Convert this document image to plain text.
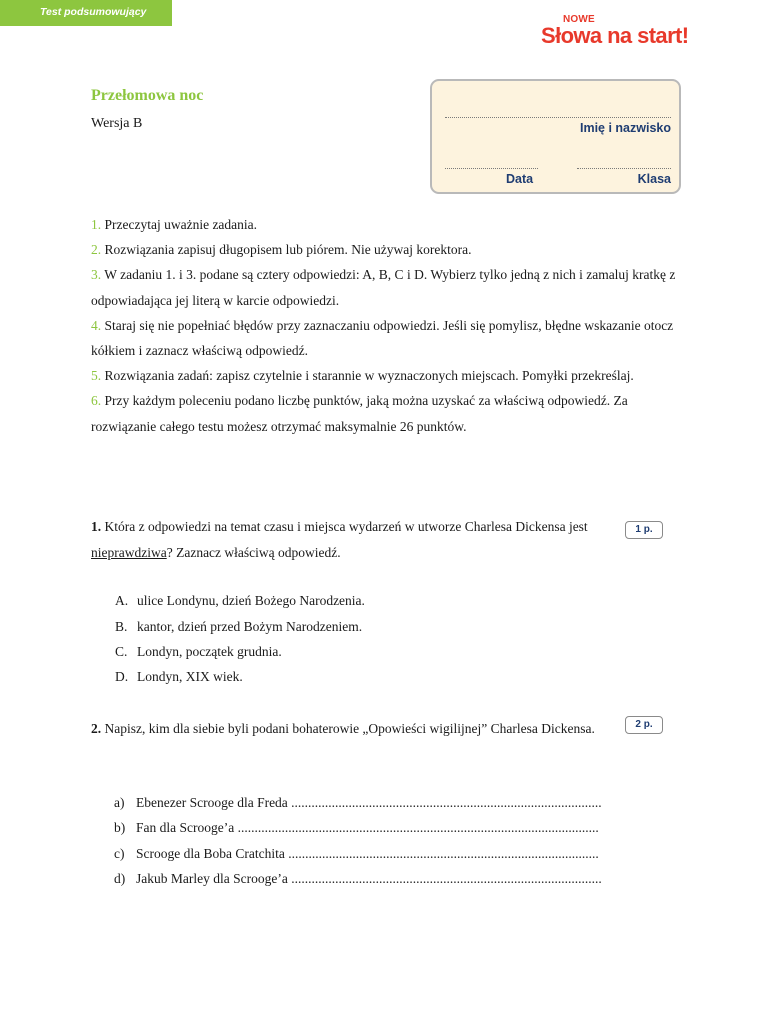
Test podsumowujący
NOWE
Słowa na start!
Przełomowa noc
Wersja B	Imię i nazwisko
Data	Klasa
1. Przeczytaj uważnie zadania.
2. Rozwiązania zapisuj długopisem lub piórem. Nie używaj korektora.
3. W zadaniu 1. i 3. podane są cztery odpowiedzi: A, B, C i D. Wybierz tylko jedną z nich i zamaluj kratkę z odpowiadająca jej literą w karcie odpowiedzi.
4. Staraj się nie popełniać błędów przy zaznaczaniu odpowiedzi. Jeśli się pomylisz, błędne wskazanie otocz kółkiem i zaznacz właściwą odpowiedź.
5. Rozwiązania zadań: zapisz czytelnie i starannie w wyznaczonych miejscach. Pomyłki przekreślaj.
6. Przy każdym poleceniu podano liczbę punktów, jaką można uzyskać za właściwą odpowiedź. Za rozwiązanie całego testu możesz otrzymać maksymalnie 26 punktów.
1. Która z odpowiedzi na temat czasu i miejsca wydarzeń w utworze Charlesa Dickensa jest nieprawdziwa? Zaznacz właściwą odpowiedź.
1 p.
A. ulice Londynu, dzień Bożego Narodzenia.
B. kantor, dzień przed Bożym Narodzeniem.
C. Londyn, początek grudnia.
D. Londyn, XIX wiek.
2. Napisz, kim dla siebie byli podani bohaterowie „Opowieści wigilijnej” Charlesa Dickensa.	2 p.
a) Ebenezer Scrooge dla Freda ............................................................................................
b) Fan dla Scrooge’a ...........................................................................................................
c) Scrooge dla Boba Cratchita ............................................................................................
d) Jakub Marley dla Scrooge’a ............................................................................................
